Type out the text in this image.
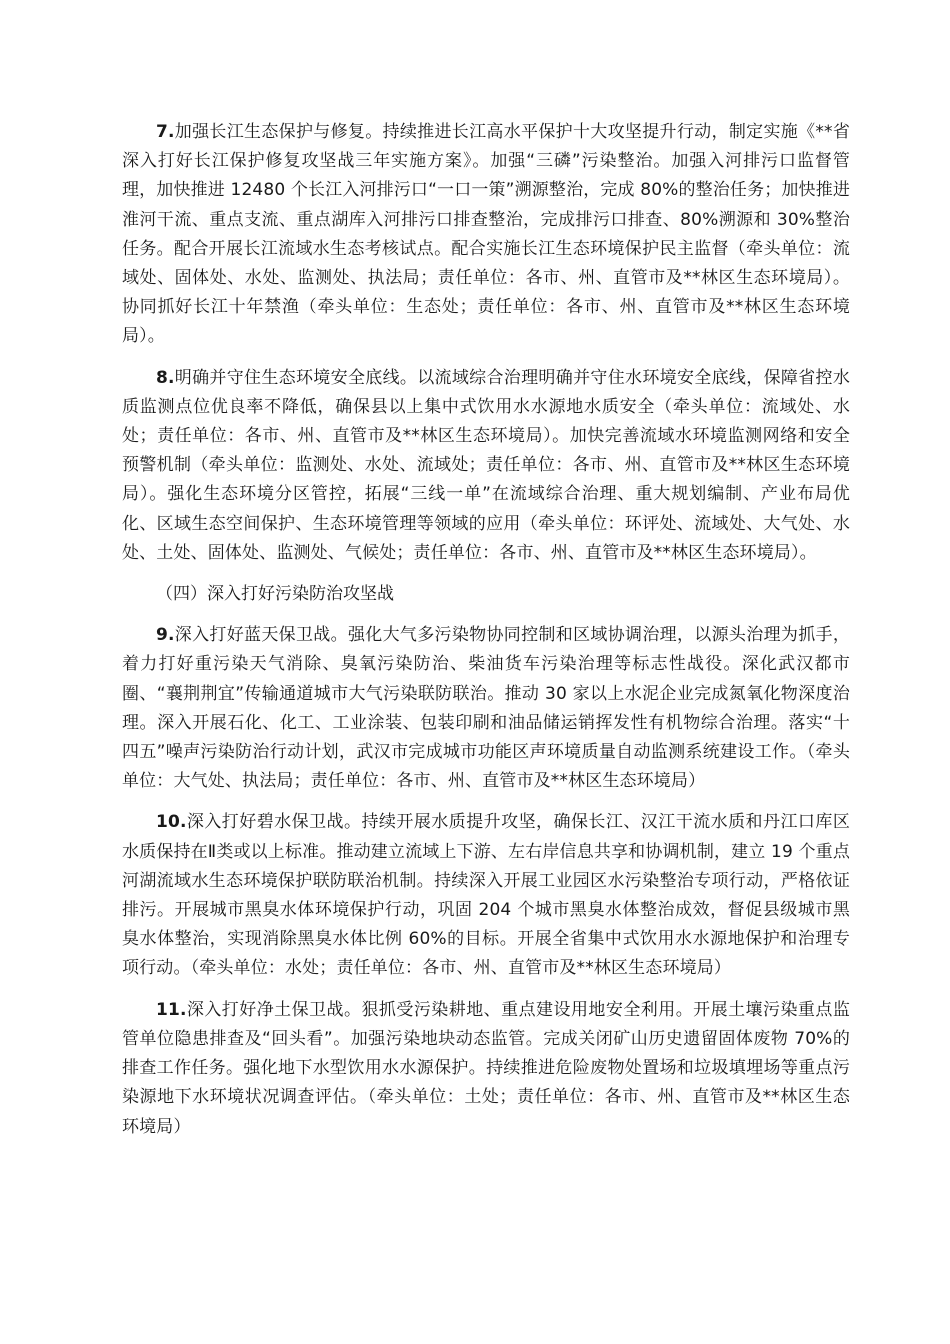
7.加强长江生态保护与修复。持续推进长江高水平保护十大攻坚提升行动，制定实施《**省深入打好长江保护修复攻坚战三年实施方案》。加强“三磷”污染整治。加强入河排污口监督管理，加快推进 12480 个长江入河排污口“一口一策”溯源整治，完成 80%的整治任务；加快推进淮河干流、重点支流、重点湖库入河排污口排查整治，完成排污口排查、80%溯源和 30%整治任务。配合开展长江流域水生态考核试点。配合实施长江生态环境保护民主监督（牵头单位：流域处、固体处、水处、监测处、执法局；责任单位：各市、州、直管市及**林区生态环境局）。协同抓好长江十年禁渔（牵头单位：生态处；责任单位：各市、州、直管市及**林区生态环境局）。

8.明确并守住生态环境安全底线。以流域综合治理明确并守住水环境安全底线，保障省控水质监测点位优良率不降低，确保县以上集中式饮用水水源地水质安全（牵头单位：流域处、水处；责任单位：各市、州、直管市及**林区生态环境局）。加快完善流域水环境监测网络和安全预警机制（牵头单位：监测处、水处、流域处；责任单位：各市、州、直管市及**林区生态环境局）。强化生态环境分区管控，拓展“三线一单”在流域综合治理、重大规划编制、产业布局优化、区域生态空间保护、生态环境管理等领域的应用（牵头单位：环评处、流域处、大气处、水处、土处、固体处、监测处、气候处；责任单位：各市、州、直管市及**林区生态环境局）。

（四）深入打好污染防治攻坚战

9.深入打好蓝天保卫战。强化大气多污染物协同控制和区域协调治理，以源头治理为抓手，着力打好重污染天气消除、臭氧污染防治、柴油货车污染治理等标志性战役。深化武汉都市圈、“襄荆荆宜”传输通道城市大气污染联防联治。推动 30 家以上水泥企业完成氮氧化物深度治理。深入开展石化、化工、工业涂装、包装印刷和油品储运销挥发性有机物综合治理。落实“十四五”噪声污染防治行动计划，武汉市完成城市功能区声环境质量自动监测系统建设工作。（牵头单位：大气处、执法局；责任单位：各市、州、直管市及**林区生态环境局）

10.深入打好碧水保卫战。持续开展水质提升攻坚，确保长江、汉江干流水质和丹江口库区水质保持在Ⅱ类或以上标准。推动建立流域上下游、左右岸信息共享和协调机制，建立 19 个重点河湖流域水生态环境保护联防联治机制。持续深入开展工业园区水污染整治专项行动，严格依证排污。开展城市黑臭水体环境保护行动，巩固 204 个城市黑臭水体整治成效，督促县级城市黑臭水体整治，实现消除黑臭水体比例 60%的目标。开展全省集中式饮用水水源地保护和治理专项行动。（牵头单位：水处；责任单位：各市、州、直管市及**林区生态环境局）

11.深入打好净土保卫战。狠抓受污染耕地、重点建设用地安全利用。开展土壤污染重点监管单位隐患排查及“回头看”。加强污染地块动态监管。完成关闭矿山历史遗留固体废物 70%的排查工作任务。强化地下水型饮用水水源保护。持续推进危险废物处置场和垃圾填埋场等重点污染源地下水环境状况调查评估。（牵头单位：土处；责任单位：各市、州、直管市及**林区生态环境局）
